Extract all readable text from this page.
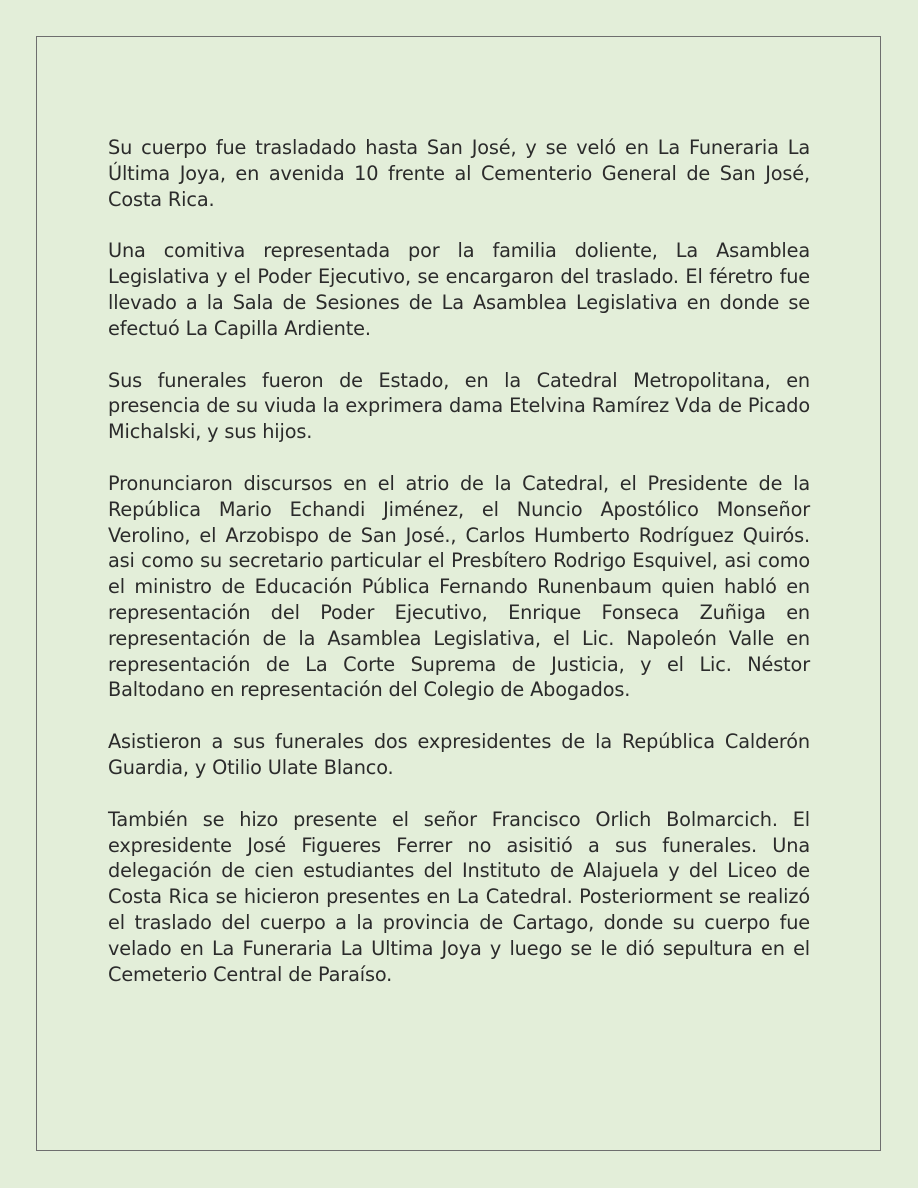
Su cuerpo fue trasladado hasta San José, y se veló en La Funeraria La Última Joya, en avenida 10 frente al Cementerio General de San José, Costa Rica.

Una comitiva representada por la familia doliente, La Asamblea Legislativa y el Poder Ejecutivo, se encargaron del traslado. El féretro fue llevado a la Sala de Sesiones de La Asamblea Legislativa en donde se efectuó La Capilla Ardiente.

Sus funerales fueron de Estado, en la Catedral Metropolitana, en presencia de su viuda la exprimera dama Etelvina Ramírez Vda de Picado Michalski, y sus hijos.

Pronunciaron discursos en el atrio de la Catedral, el Presidente de la República Mario Echandi Jiménez, el Nuncio Apostólico Monseñor Verolino, el Arzobispo de San José., Carlos Humberto Rodríguez Quirós. asi como su secretario particular el Presbítero Rodrigo Esquivel, asi como el ministro de Educación Pública Fernando Runenbaum quien habló en representación del Poder Ejecutivo, Enrique Fonseca Zuñiga en representación de la Asamblea Legislativa, el Lic. Napoleón Valle en representación de La Corte Suprema de Justicia, y el Lic. Néstor Baltodano en representación del Colegio de Abogados.

Asistieron a sus funerales dos expresidentes de la República Calderón Guardia, y Otilio Ulate Blanco.

También se hizo presente el señor Francisco Orlich Bolmarcich. El expresidente José Figueres Ferrer no asisitió a sus funerales. Una delegación de cien estudiantes del Instituto de Alajuela y del Liceo de Costa Rica se hicieron presentes en La Catedral. Posteriorment se realizó el traslado del cuerpo a la provincia de Cartago, donde su cuerpo fue velado en La Funeraria La Ultima Joya y luego se le dió sepultura en el Cemeterio Central de Paraíso.
